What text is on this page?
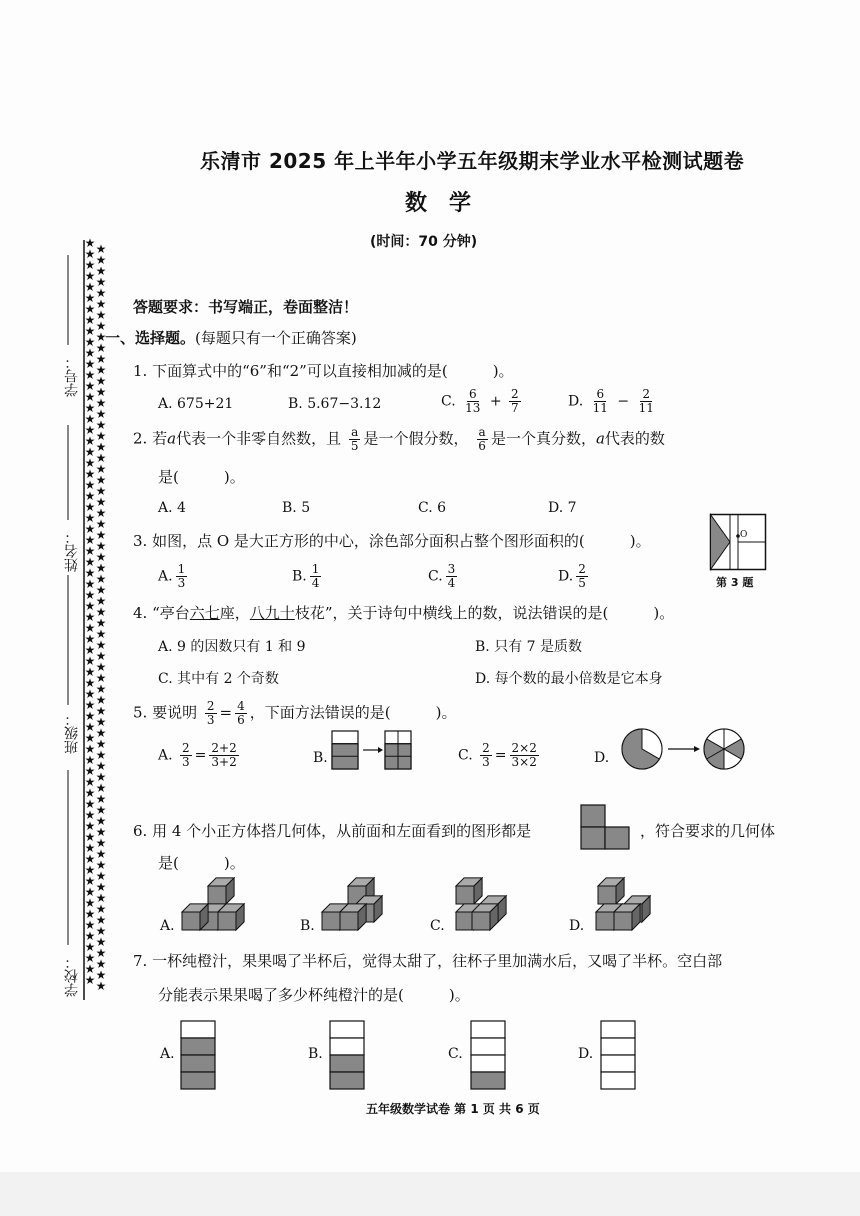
乐清市 2025 年上半年小学五年级期末学业水平检测试题卷
数学
(时间：70 分钟)
★
★
★
★
★
★
★
★
★
★
★
★
★
★
★
★
★
★
★
★
★
★
★
★
★
★
★
★
★
★
★
★
★
★
★
★
★
★
★
★
★
★
★
★
★
★
★
★
★
★
★
★
★
★
★
★
★
★
★
★
★
★
★
★
★
★
★
★

★
★
★
★
★
★
★
★
★
★
★
★
★
★
★
★
★
★
★
★
★
★
★
★
★
★
★
★
★
★
★
★
★
★
★
★
★
★
★
★
★
★
★
★
★
★
★
★
★
★
★
★
★
★
★
★
★
★
★
★
★
★
★
★
★
★
★
★

学号：
姓名：
班级：
学校：
答题要求：书写端正，卷面整洁！
一、选择题。(每题只有一个正确答案)
1. 下面算式中的“6”和“2”可以直接相加减的是(　　　)。
A. 675+21	B. 5.67−3.12	C. $\frac{6}{13} + \frac{2}{7}$	D. $\frac{6}{11} - \frac{2}{11}$
2. 若a代表一个非零自然数，且 $\frac{a}{5}$ 是一个假分数， $\frac{a}{6}$ 是一个真分数，a代表的数
是(　　　)。
A. 4	B. 5	C. 6	D. 7
3. 如图，点 O 是大正方形的中心，涂色部分面积占整个图形面积的(　　　)。
A. $\frac{1}{3}$	B. $\frac{1}{4}$	C. $\frac{3}{4}$	D. $\frac{2}{5}$
O
第 3 题
4. “亭台六七座，八九十枝花”，关于诗句中横线上的数，说法错误的是(　　　)。
A. 9 的因数只有 1 和 9	B. 只有 7 是质数
C. 其中有 2 个奇数	D. 每个数的最小倍数是它本身
5. 要说明 $\frac{2}{3} = \frac{4}{6}$ ，下面方法错误的是(　　　)。
A. $\frac{2}{3} = \frac{2+2}{3+2}$	B.	C. $\frac{2}{3} = \frac{2\times 2}{3\times 2}$	D.
6. 用 4 个小正方体搭几何体，从前面和左面看到的图形都是	，符合要求的几何体
是(　　　)。
A.	B.	C.	D.
7. 一杯纯橙汁，果果喝了半杯后，觉得太甜了，往杯子里加满水后，又喝了半杯。空白部
分能表示果果喝了多少杯纯橙汁的是(　　　)。
A.	B.	C.	D.
五年级数学试卷 第 1 页 共 6 页
